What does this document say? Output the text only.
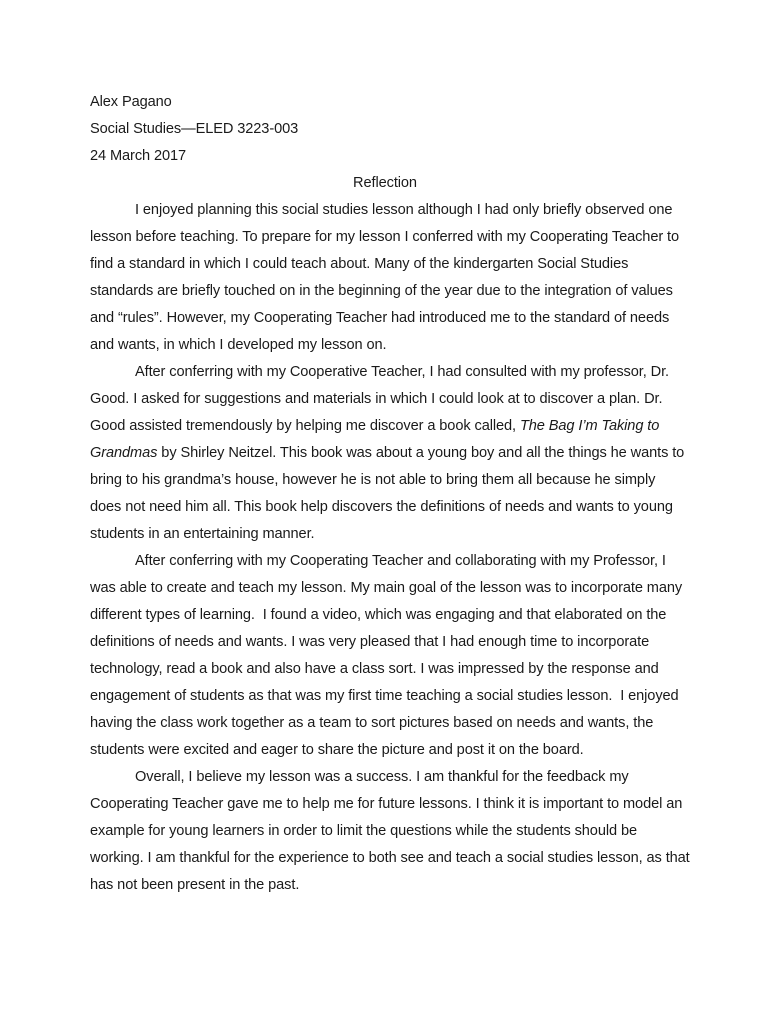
Alex Pagano
Social Studies—ELED 3223-003
24 March 2017
Reflection

I enjoyed planning this social studies lesson although I had only briefly observed one lesson before teaching. To prepare for my lesson I conferred with my Cooperating Teacher to find a standard in which I could teach about. Many of the kindergarten Social Studies standards are briefly touched on in the beginning of the year due to the integration of values and “rules”. However, my Cooperating Teacher had introduced me to the standard of needs and wants, in which I developed my lesson on.

After conferring with my Cooperative Teacher, I had consulted with my professor, Dr. Good. I asked for suggestions and materials in which I could look at to discover a plan. Dr. Good assisted tremendously by helping me discover a book called, The Bag I’m Taking to Grandmas by Shirley Neitzel. This book was about a young boy and all the things he wants to bring to his grandma’s house, however he is not able to bring them all because he simply does not need him all. This book help discovers the definitions of needs and wants to young students in an entertaining manner.

After conferring with my Cooperating Teacher and collaborating with my Professor, I was able to create and teach my lesson. My main goal of the lesson was to incorporate many different types of learning.  I found a video, which was engaging and that elaborated on the definitions of needs and wants. I was very pleased that I had enough time to incorporate technology, read a book and also have a class sort. I was impressed by the response and engagement of students as that was my first time teaching a social studies lesson.  I enjoyed having the class work together as a team to sort pictures based on needs and wants, the students were excited and eager to share the picture and post it on the board.

Overall, I believe my lesson was a success. I am thankful for the feedback my Cooperating Teacher gave me to help me for future lessons. I think it is important to model an example for young learners in order to limit the questions while the students should be working. I am thankful for the experience to both see and teach a social studies lesson, as that has not been present in the past.
